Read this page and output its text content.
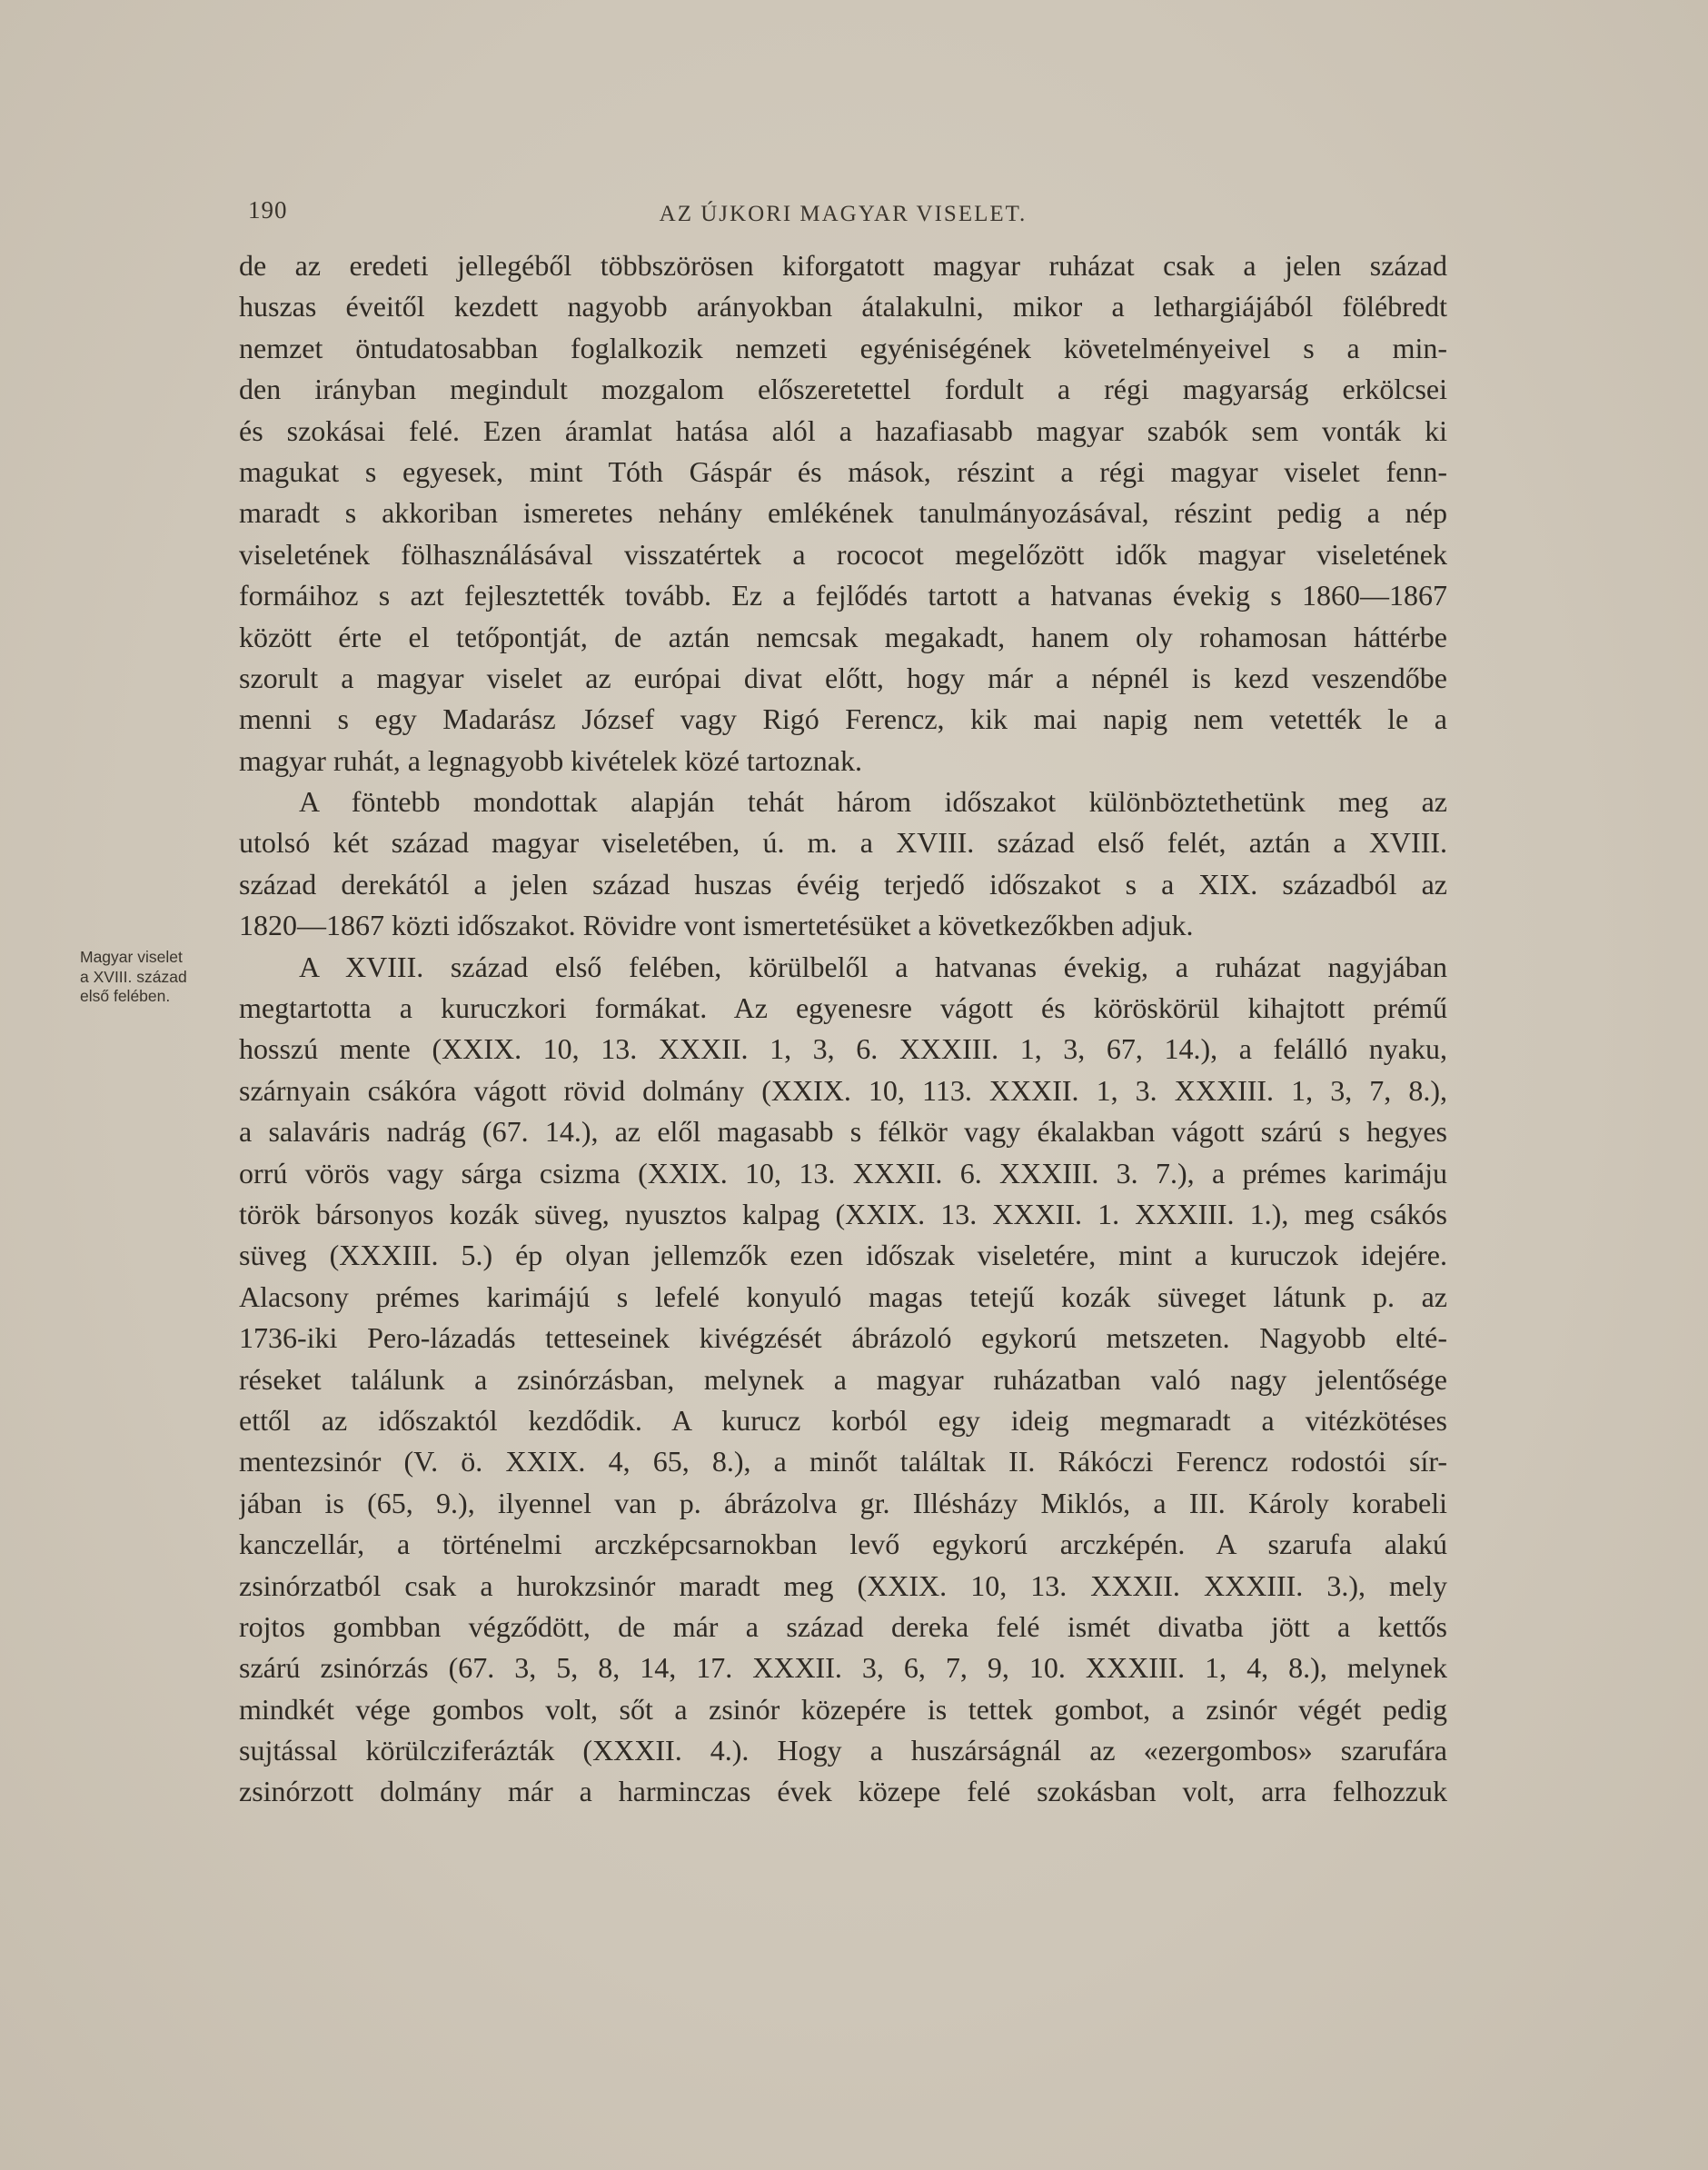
190	AZ ÚJKORI MAGYAR VISELET.
Magyar viselet
a XVIII. század
első felében.
de az eredeti jellegéből többszörösen kiforgatott magyar ruházat csak a jelen század
huszas éveitől kezdett nagyobb arányokban átalakulni, mikor a lethargiájából fölébredt
nemzet öntudatosabban foglalkozik nemzeti egyéniségének követelményeivel s a min-
den irányban megindult mozgalom előszeretettel fordult a régi magyarság erkölcsei
és szokásai felé. Ezen áramlat hatása alól a hazafiasabb magyar szabók sem vonták ki
magukat s egyesek, mint Tóth Gáspár és mások, részint a régi magyar viselet fenn-
maradt s akkoriban ismeretes nehány emlékének tanulmányozásával, részint pedig a nép
viseletének fölhasználásával visszatértek a rococot megelőzött idők magyar viseletének
formáihoz s azt fejlesztették tovább. Ez a fejlődés tartott a hatvanas évekig s 1860—1867
között érte el tetőpontját, de aztán nemcsak megakadt, hanem oly rohamosan háttérbe
szorult a magyar viselet az európai divat előtt, hogy már a népnél is kezd veszendőbe
menni s egy Madarász József vagy Rigó Ferencz, kik mai napig nem vetették le a
magyar ruhát, a legnagyobb kivételek közé tartoznak.
A föntebb mondottak alapján tehát három időszakot különböztethetünk meg az
utolsó két század magyar viseletében, ú. m. a XVIII. század első felét, aztán a XVIII.
század derekától a jelen század huszas évéig terjedő időszakot s a XIX. századból az
1820—1867 közti időszakot. Rövidre vont ismertetésüket a következőkben adjuk.
A XVIII. század első felében, körülbelől a hatvanas évekig, a ruházat nagyjában
megtartotta a kuruczkori formákat. Az egyenesre vágott és köröskörül kihajtott prémű
hosszú mente (XXIX. 10, 13. XXXII. 1, 3, 6. XXXIII. 1, 3, 67, 14.), a felálló nyaku,
szárnyain csákóra vágott rövid dolmány (XXIX. 10, 113. XXXII. 1, 3. XXXIII. 1, 3, 7, 8.),
a salaváris nadrág (67. 14.), az elől magasabb s félkör vagy ékalakban vágott szárú s hegyes
orrú vörös vagy sárga csizma (XXIX. 10, 13. XXXII. 6. XXXIII. 3. 7.), a prémes karimáju
török bársonyos kozák süveg, nyusztos kalpag (XXIX. 13. XXXII. 1. XXXIII. 1.), meg csákós
süveg (XXXIII. 5.) ép olyan jellemzők ezen időszak viseletére, mint a kuruczok idejére.
Alacsony prémes karimájú s lefelé konyuló magas tetejű kozák süveget látunk p. az
1736-iki Pero-lázadás tetteseinek kivégzését ábrázoló egykorú metszeten. Nagyobb elté-
réseket találunk a zsinórzásban, melynek a magyar ruházatban való nagy jelentősége
ettől az időszaktól kezdődik. A kurucz korból egy ideig megmaradt a vitézkötéses
mentezsinór (V. ö. XXIX. 4, 65, 8.), a minőt találtak II. Rákóczi Ferencz rodostói sír-
jában is (65, 9.), ilyennel van p. ábrázolva gr. Illésházy Miklós, a III. Károly korabeli
kanczellár, a történelmi arczképcsarnokban levő egykorú arczképén. A szarufa alakú
zsinórzatból csak a hurokzsinór maradt meg (XXIX. 10, 13. XXXII. XXXIII. 3.), mely
rojtos gombban végződött, de már a század dereka felé ismét divatba jött a kettős
szárú zsinórzás (67. 3, 5, 8, 14, 17. XXXII. 3, 6, 7, 9, 10. XXXIII. 1, 4, 8.), melynek
mindkét vége gombos volt, sőt a zsinór közepére is tettek gombot, a zsinór végét pedig
sujtással körülcziferázták (XXXII. 4.). Hogy a huszárságnál az «ezergombos» szarufára
zsinórzott dolmány már a harminczas évek közepe felé szokásban volt, arra felhozzuk
